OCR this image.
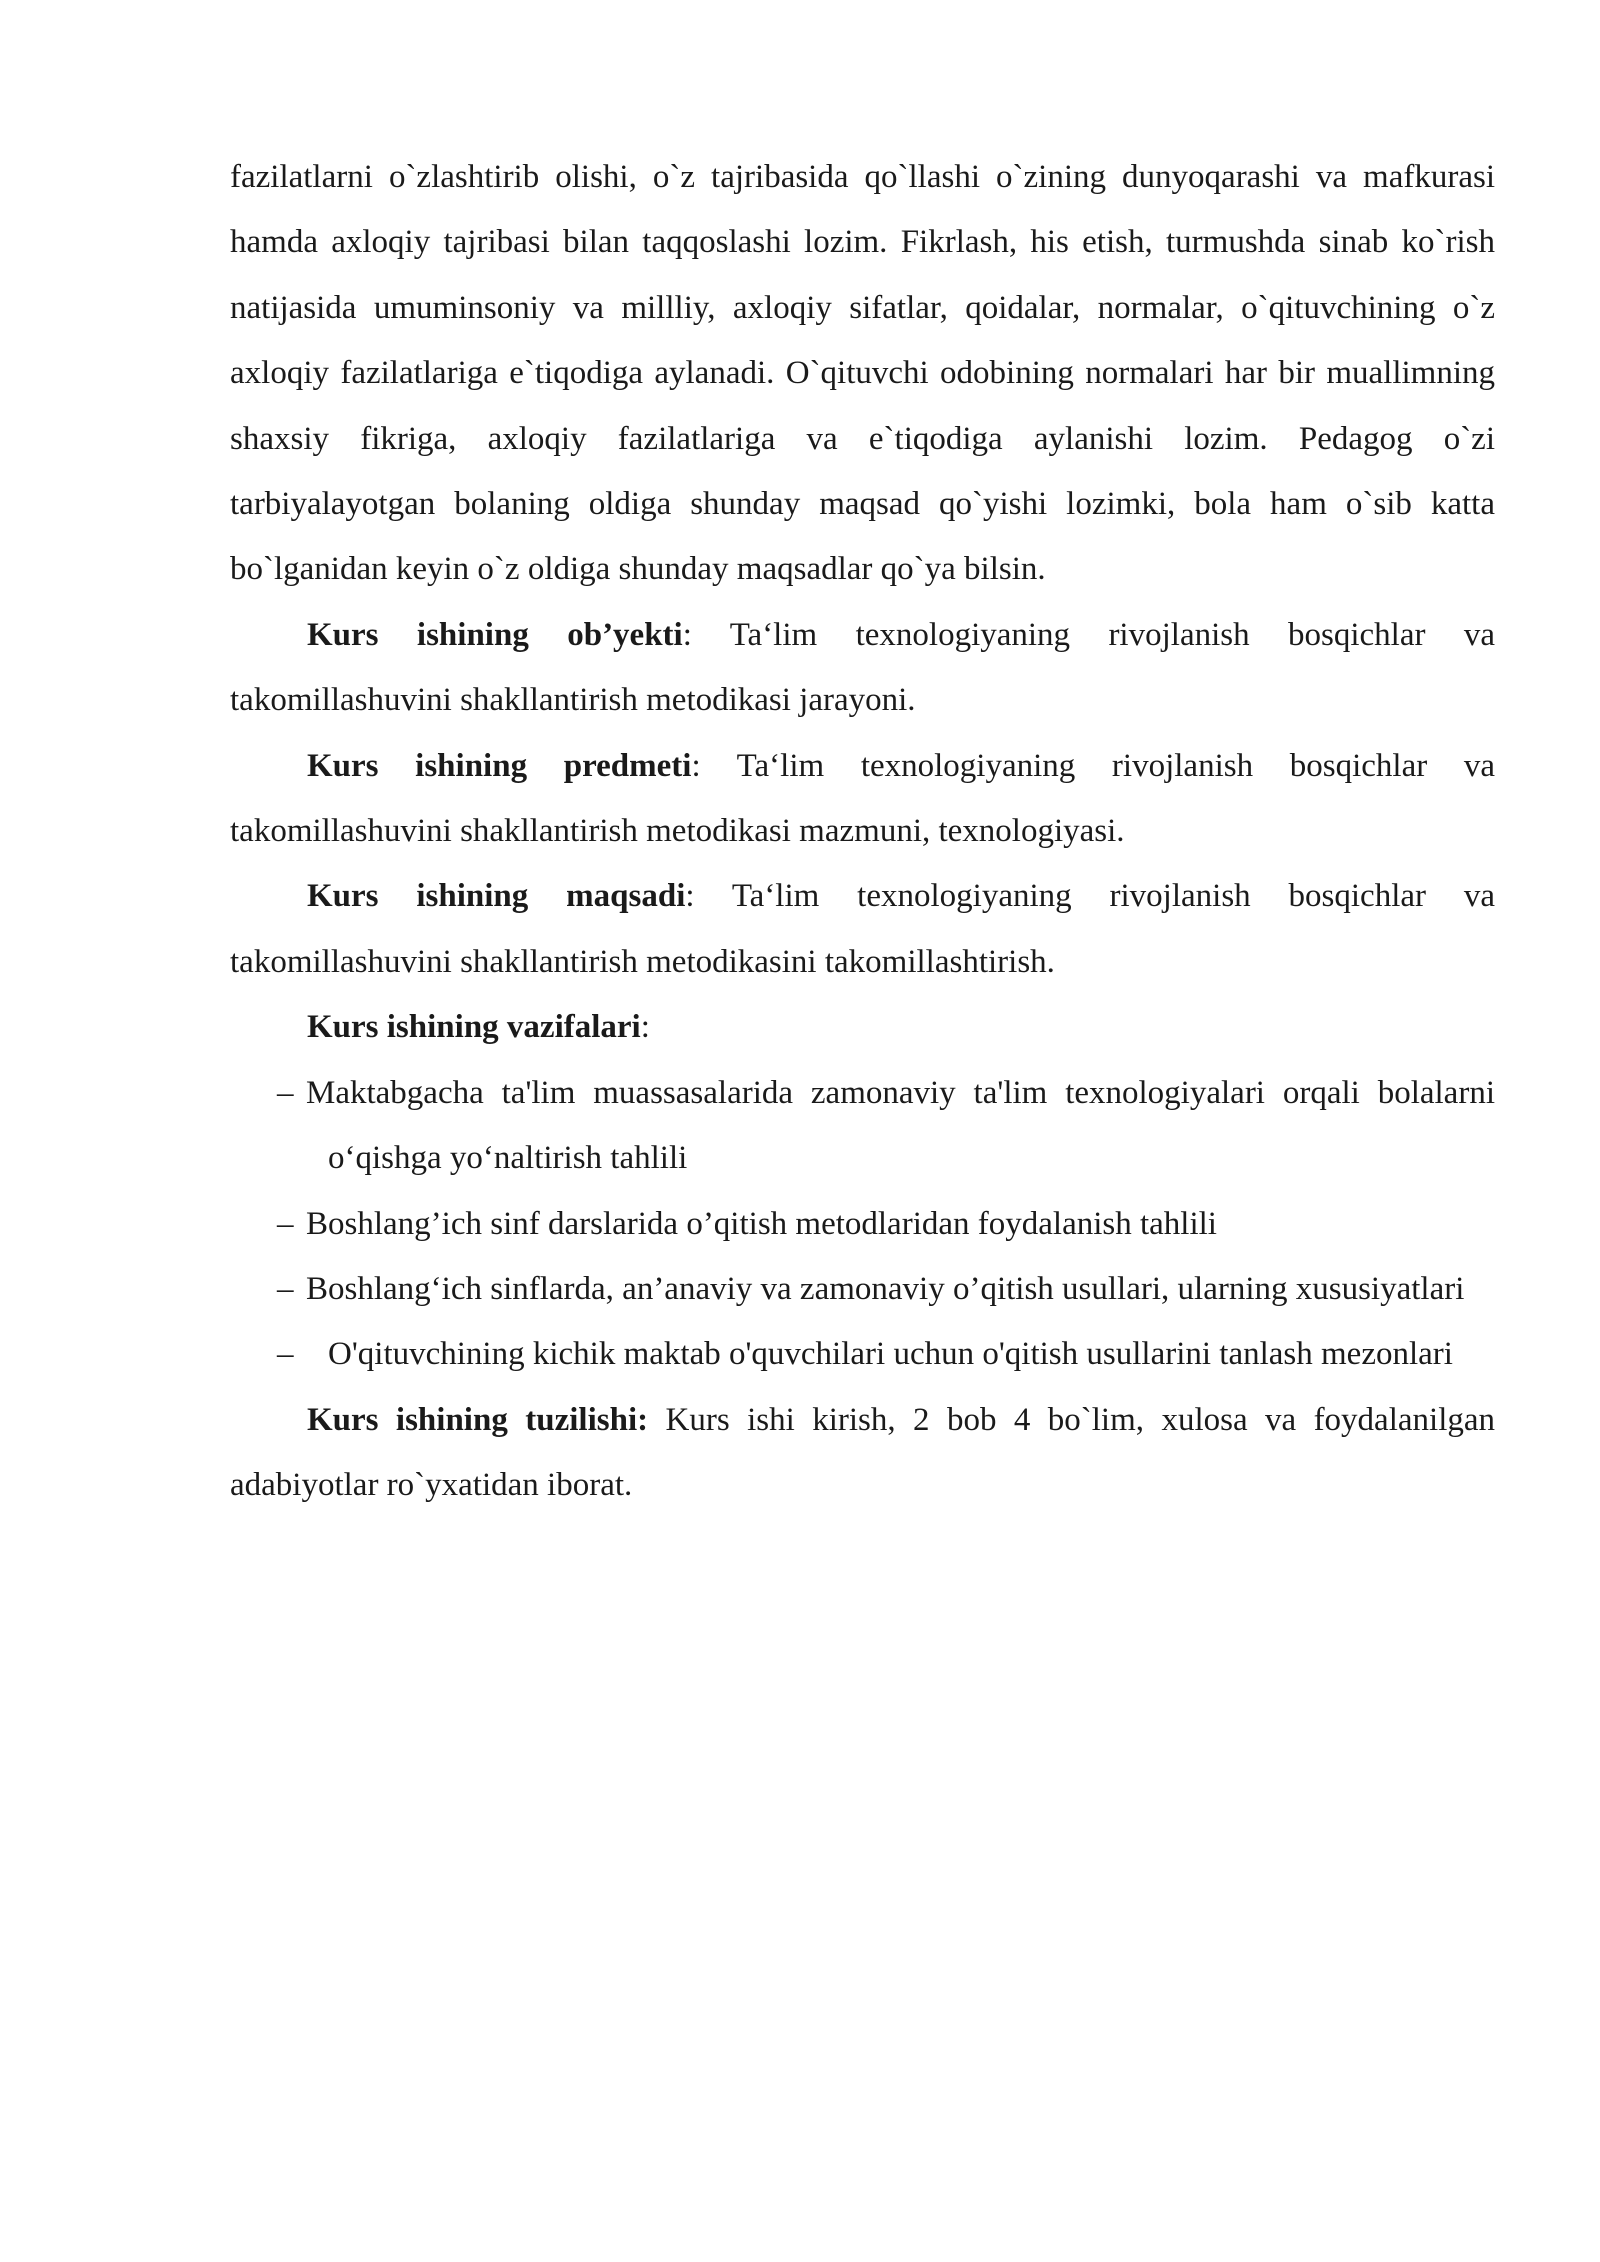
fazilatlarni o`zlashtirib olishi, o`z tajribasida qo`llashi o`zining dunyoqarashi va mafkurasi hamda axloqiy tajribasi bilan taqqoslashi lozim. Fikrlash, his etish, turmushda sinab ko`rish natijasida umuminsoniy va millliy, axloqiy sifatlar, qoidalar, normalar, o`qituvchining o`z axloqiy fazilatlariga e`tiqodiga aylanadi. O`qituvchi odobining normalari har bir muallimning shaxsiy fikriga, axloqiy fazilatlariga va e`tiqodiga aylanishi lozim. Pedagog o`zi tarbiyalayotgan bolaning oldiga shunday maqsad qo`yishi lozimki, bola ham o`sib katta bo`lganidan keyin o`z oldiga shunday maqsadlar qo`ya bilsin.

Kurs ishining ob’yekti: Ta‘lim texnologiyaning rivojlanish bosqichlar va takomillashuvini shakllantirish metodikasi jarayoni.

Kurs ishining predmeti: Ta‘lim texnologiyaning rivojlanish bosqichlar va takomillashuvini shakllantirish metodikasi mazmuni, texnologiyasi.

Kurs ishining maqsadi: Ta‘lim texnologiyaning rivojlanish bosqichlar va takomillashuvini shakllantirish metodikasini takomillashtirish.

Kurs ishining vazifalari:

– Maktabgacha ta'lim muassasalarida zamonaviy ta'lim texnologiyalari orqali bolalarni o‘qishga yo‘naltirish tahlili
– Boshlang’ich sinf darslarida o’qitish metodlaridan foydalanish tahlili
– Boshlang‘ich sinflarda, an’anaviy va zamonaviy o’qitish usullari, ularning xususiyatlari
– O'qituvchining kichik maktab o'quvchilari uchun o'qitish usullarini tanlash mezonlari

Kurs ishining tuzilishi: Kurs ishi kirish, 2 bob 4 bo`lim, xulosa va foydalanilgan adabiyotlar ro`yxatidan iborat.
